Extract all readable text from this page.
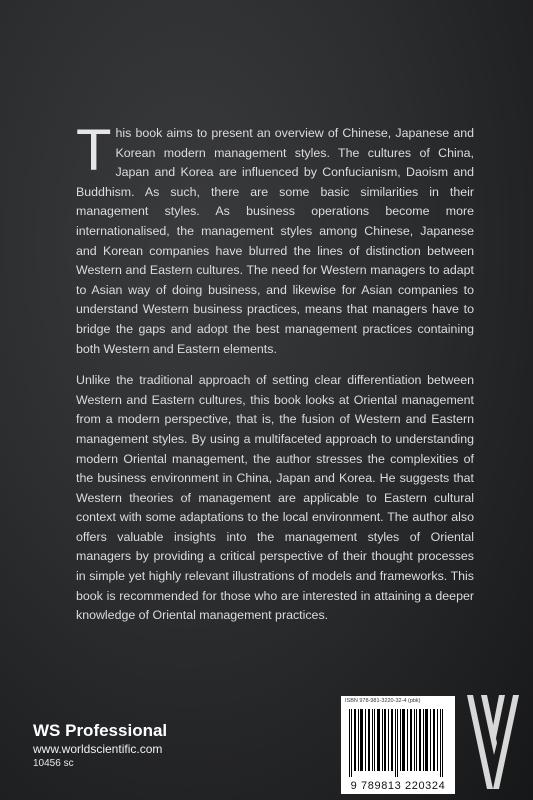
This book aims to present an overview of Chinese, Japanese and Korean modern management styles. The cultures of China, Japan and Korea are influenced by Confucianism, Daoism and Buddhism. As such, there are some basic similarities in their management styles. As business operations become more internationalised, the management styles among Chinese, Japanese and Korean companies have blurred the lines of distinction between Western and Eastern cultures. The need for Western managers to adapt to Asian way of doing business, and likewise for Asian companies to understand Western business practices, means that managers have to bridge the gaps and adopt the best management practices containing both Western and Eastern elements.

Unlike the traditional approach of setting clear differentiation between Western and Eastern cultures, this book looks at Oriental management from a modern perspective, that is, the fusion of Western and Eastern management styles. By using a multifaceted approach to understanding modern Oriental management, the author stresses the complexities of the business environment in China, Japan and Korea. He suggests that Western theories of management are applicable to Eastern cultural context with some adaptations to the local environment. The author also offers valuable insights into the management styles of Oriental managers by providing a critical perspective of their thought processes in simple yet highly relevant illustrations of models and frameworks. This book is recommended for those who are interested in attaining a deeper knowledge of Oriental management practices.

WS Professional
www.worldscientific.com
10456 sc
ISBN 978-981-3220-32-4 (pbk)
9 789813 220324
